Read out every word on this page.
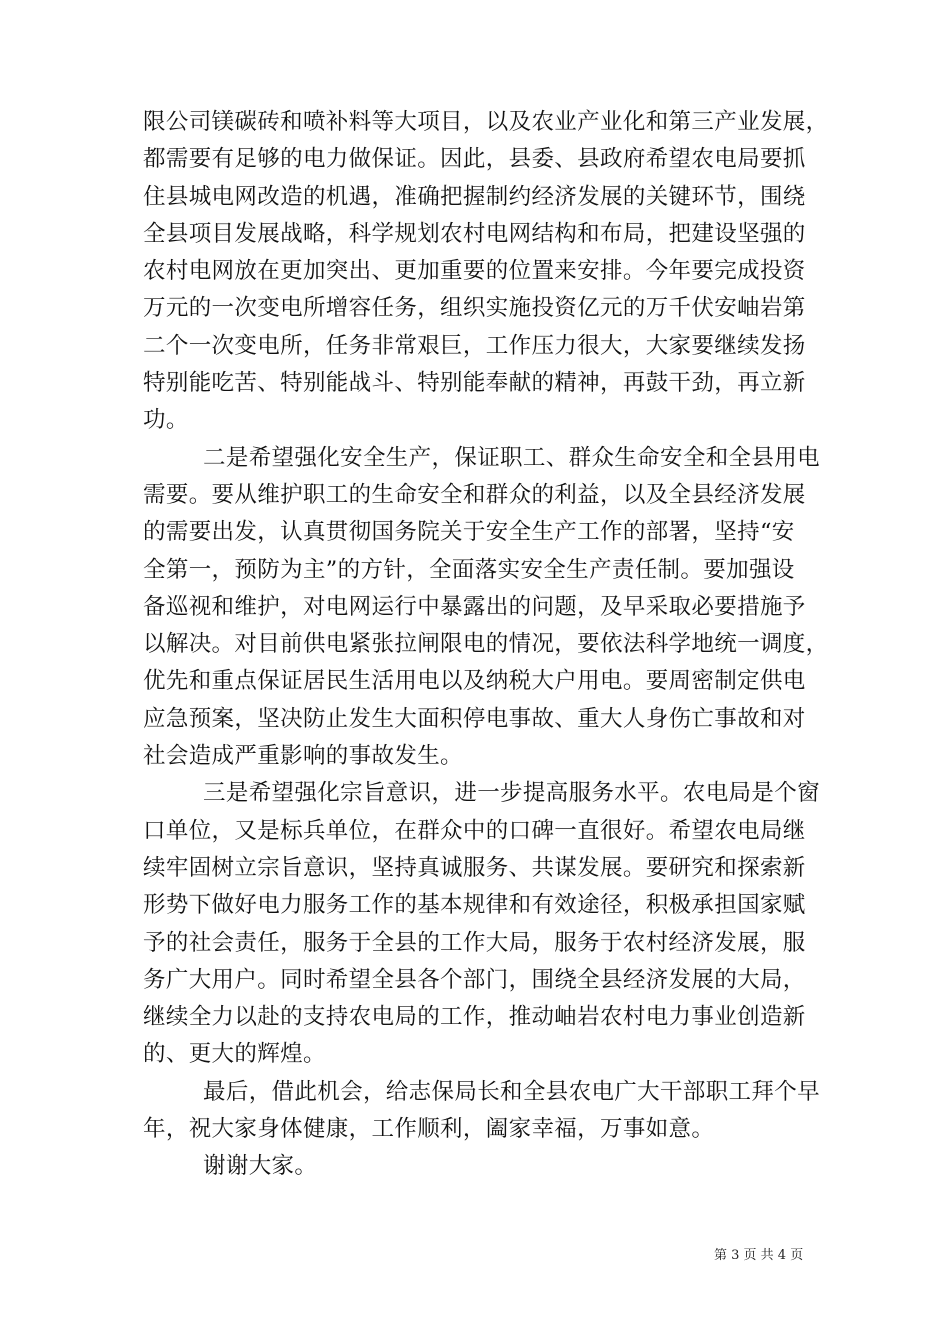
限公司镁碳砖和喷补料等大项目，以及农业产业化和第三产业发展，
都需要有足够的电力做保证。因此，县委、县政府希望农电局要抓
住县城电网改造的机遇，准确把握制约经济发展的关键环节，围绕
全县项目发展战略，科学规划农村电网结构和布局，把建设坚强的
农村电网放在更加突出、更加重要的位置来安排。今年要完成投资
万元的一次变电所增容任务，组织实施投资亿元的万千伏安岫岩第
二个一次变电所，任务非常艰巨，工作压力很大，大家要继续发扬
特别能吃苦、特别能战斗、特别能奉献的精神，再鼓干劲，再立新
功。
二是希望强化安全生产，保证职工、群众生命安全和全县用电
需要。要从维护职工的生命安全和群众的利益，以及全县经济发展
的需要出发，认真贯彻国务院关于安全生产工作的部署，坚持“安
全第一，预防为主”的方针，全面落实安全生产责任制。要加强设
备巡视和维护，对电网运行中暴露出的问题，及早采取必要措施予
以解决。对目前供电紧张拉闸限电的情况，要依法科学地统一调度，
优先和重点保证居民生活用电以及纳税大户用电。要周密制定供电
应急预案，坚决防止发生大面积停电事故、重大人身伤亡事故和对
社会造成严重影响的事故发生。
三是希望强化宗旨意识，进一步提高服务水平。农电局是个窗
口单位，又是标兵单位，在群众中的口碑一直很好。希望农电局继
续牢固树立宗旨意识，坚持真诚服务、共谋发展。要研究和探索新
形势下做好电力服务工作的基本规律和有效途径，积极承担国家赋
予的社会责任，服务于全县的工作大局，服务于农村经济发展，服
务广大用户。同时希望全县各个部门，围绕全县经济发展的大局，
继续全力以赴的支持农电局的工作，推动岫岩农村电力事业创造新
的、更大的辉煌。
最后，借此机会，给志保局长和全县农电广大干部职工拜个早
年，祝大家身体健康，工作顺利，阖家幸福，万事如意。
谢谢大家。
第 3 页 共 4 页
